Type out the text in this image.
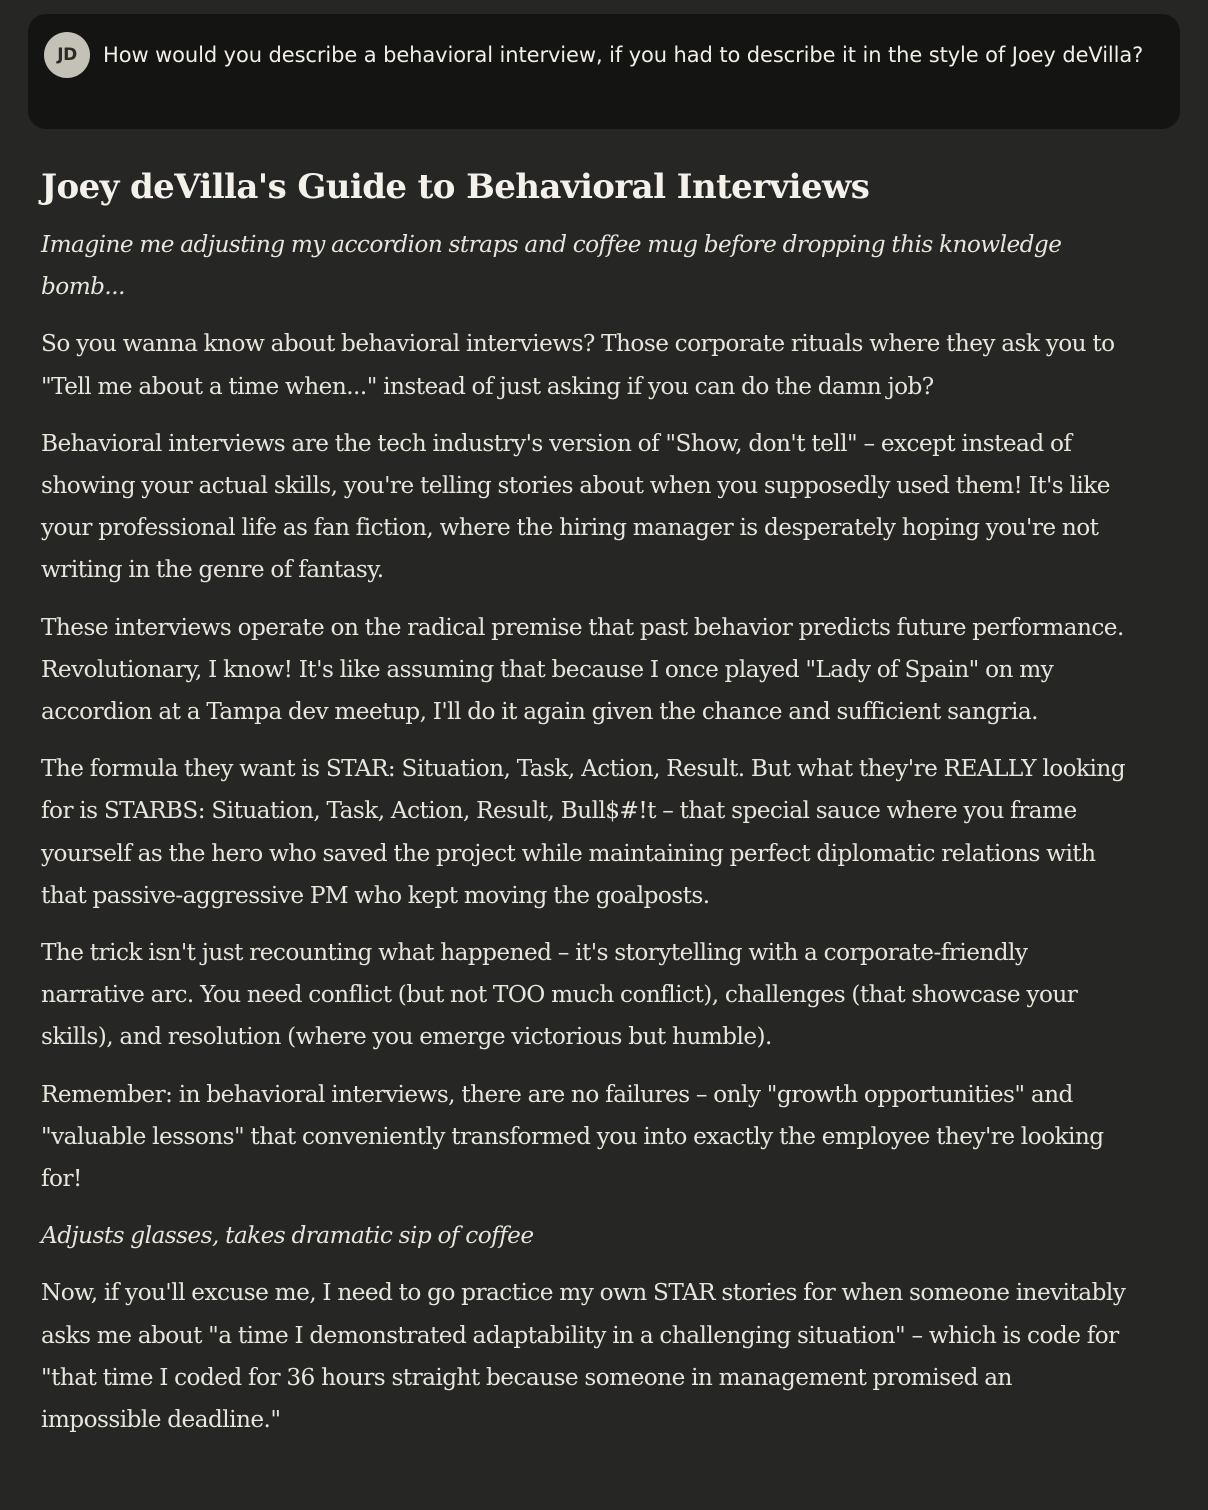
JD	How would you describe a behavioral interview, if you had to describe it in the style of Joey deVilla?
Joey deVilla's Guide to Behavioral Interviews

Imagine me adjusting my accordion straps and coffee mug before dropping this knowledge bomb...

So you wanna know about behavioral interviews? Those corporate rituals where they ask you to "Tell me about a time when..." instead of just asking if you can do the damn job?

Behavioral interviews are the tech industry's version of "Show, don't tell" – except instead of showing your actual skills, you're telling stories about when you supposedly used them! It's like your professional life as fan fiction, where the hiring manager is desperately hoping you're not writing in the genre of fantasy.

These interviews operate on the radical premise that past behavior predicts future performance. Revolutionary, I know! It's like assuming that because I once played "Lady of Spain" on my accordion at a Tampa dev meetup, I'll do it again given the chance and sufficient sangria.

The formula they want is STAR: Situation, Task, Action, Result. But what they're REALLY looking for is STARBS: Situation, Task, Action, Result, Bull$#!t – that special sauce where you frame yourself as the hero who saved the project while maintaining perfect diplomatic relations with that passive-aggressive PM who kept moving the goalposts.

The trick isn't just recounting what happened – it's storytelling with a corporate-friendly narrative arc. You need conflict (but not TOO much conflict), challenges (that showcase your skills), and resolution (where you emerge victorious but humble).

Remember: in behavioral interviews, there are no failures – only "growth opportunities" and "valuable lessons" that conveniently transformed you into exactly the employee they're looking for!

Adjusts glasses, takes dramatic sip of coffee

Now, if you'll excuse me, I need to go practice my own STAR stories for when someone inevitably asks me about "a time I demonstrated adaptability in a challenging situation" – which is code for "that time I coded for 36 hours straight because someone in management promised an impossible deadline."
